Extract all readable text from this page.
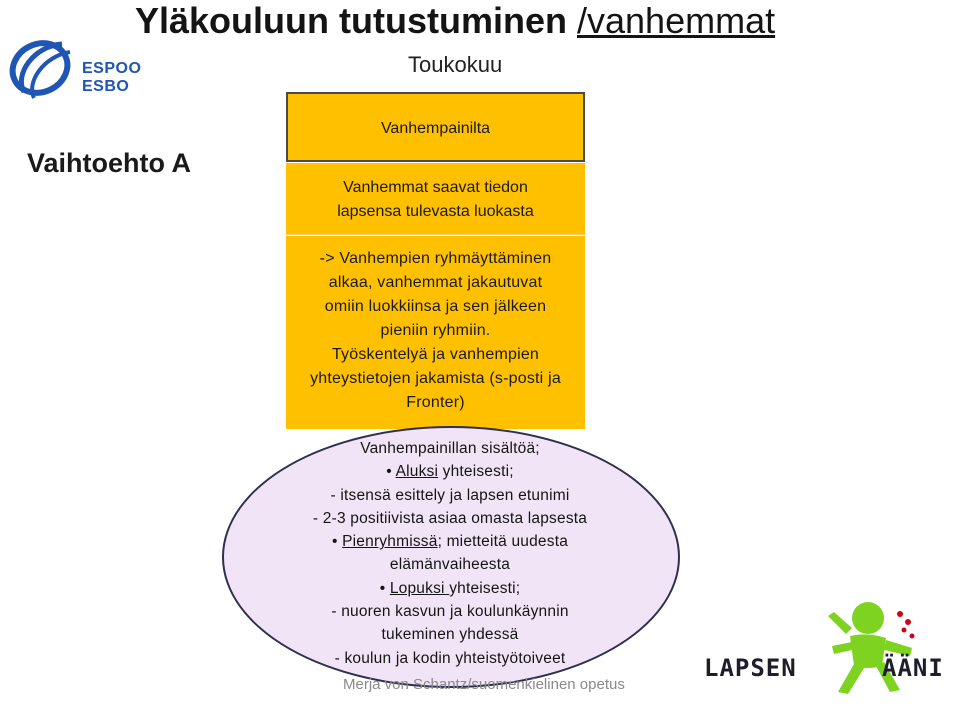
Yläkouluun tutustuminen /vanhemmat
ESPOO
ESBO
Toukokuu
Vaihtoehto A
Vanhempainilta
Vanhemmat saavat tiedon
lapsensa tulevasta luokasta
-> Vanhempien ryhmäyttäminen
alkaa, vanhemmat jakautuvat
omiin luokkiinsa ja sen jälkeen
pieniin ryhmiin.
Työskentelyä ja vanhempien
yhteystietojen jakamista (s-posti ja
Fronter)
Vanhempainillan sisältöä;
• Aluksi yhteisesti;
- itsensä esittely ja lapsen etunimi
- 2-3 positiivista asiaa omasta lapsesta
• Pienryhmissä; mietteitä uudesta
elämänvaiheesta
• Lopuksi yhteisesti;
- nuoren kasvun ja koulunkäynnin
tukeminen yhdessä
- koulun ja kodin yhteistyötoiveet
Merja von Schantz/suomenkielinen opetus
LAPSEN	ÄÄNI
